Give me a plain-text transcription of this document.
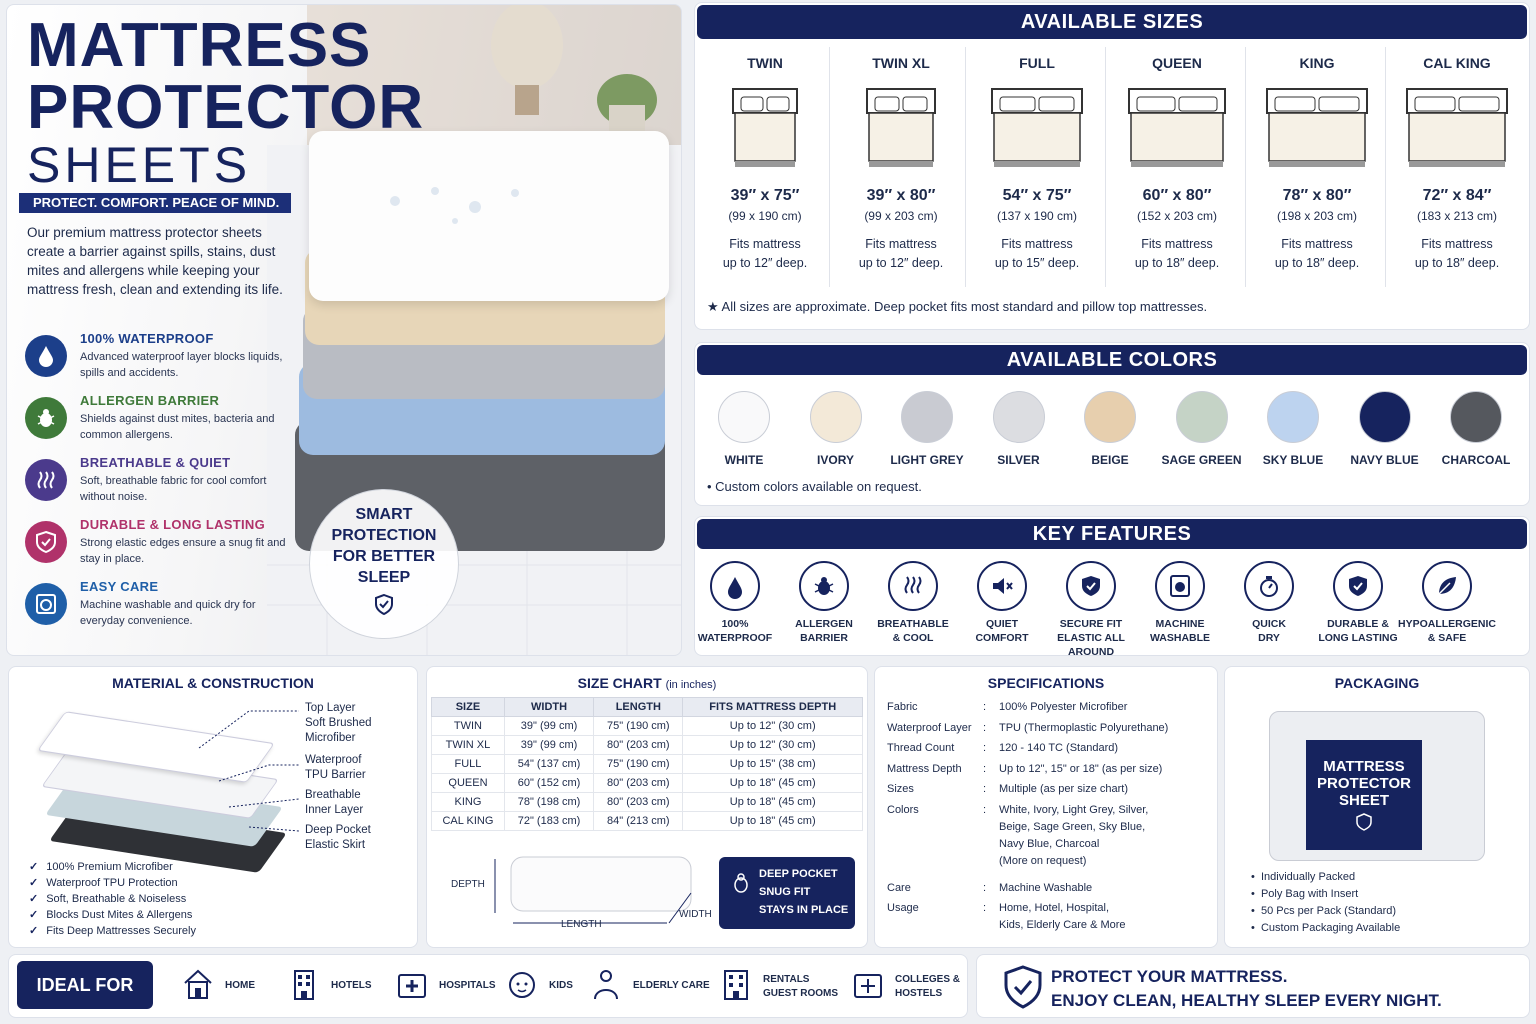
MATTRESS
PROTECTOR
SHEETS
PROTECT. COMFORT. PEACE OF MIND.
Our premium mattress protector sheets create a barrier against spills, stains, dust mites and allergens while keeping your mattress fresh, clean and extending its life.
100% WATERPROOF
Advanced waterproof layer blocks liquids, spills and accidents.
ALLERGEN BARRIER
Shields against dust mites, bacteria and common allergens.
BREATHABLE & QUIET
Soft, breathable fabric for cool comfort without noise.
DURABLE & LONG LASTING
Strong elastic edges ensure a snug fit and stay in place.
EASY CARE
Machine washable and quick dry for everyday convenience.
SMART
PROTECTION
FOR BETTER
SLEEP
AVAILABLE SIZES
TWIN
39″ x 75″
(99 x 190 cm)
Fits mattress
up to 12″ deep.
TWIN XL
39″ x 80″
(99 x 203 cm)
Fits mattress
up to 12″ deep.
FULL
54″ x 75″
(137 x 190 cm)
Fits mattress
up to 15″ deep.
QUEEN
60″ x 80″
(152 x 203 cm)
Fits mattress
up to 18″ deep.
KING
78″ x 80″
(198 x 203 cm)
Fits mattress
up to 18″ deep.
CAL KING
72″ x 84″
(183 x 213 cm)
Fits mattress
up to 18″ deep.
★ All sizes are approximate. Deep pocket fits most standard and pillow top mattresses.
AVAILABLE COLORS
WHITE	IVORY	LIGHT GREY	SILVER	BEIGE	SAGE GREEN	SKY BLUE	NAVY BLUE	CHARCOAL
• Custom colors available on request.
KEY FEATURES
100%
WATERPROOF
ALLERGEN
BARRIER
BREATHABLE
& COOL
QUIET
COMFORT
SECURE FIT
ELASTIC ALL AROUND
MACHINE
WASHABLE
QUICK
DRY
DURABLE &
LONG LASTING
HYPOALLERGENIC
& SAFE
MATERIAL & CONSTRUCTION
Top Layer
Soft Brushed
Microfiber
Waterproof
TPU Barrier
Breathable
Inner Layer
Deep Pocket
Elastic Skirt
✓ 100% Premium Microfiber
✓ Waterproof TPU Protection
✓ Soft, Breathable & Noiseless
✓ Blocks Dust Mites & Allergens
✓ Fits Deep Mattresses Securely
SIZE CHART (in inches)
SIZE	WIDTH	LENGTH	FITS MATTRESS DEPTH
TWIN	39" (99 cm)	75" (190 cm)	Up to 12" (30 cm)
TWIN XL	39" (99 cm)	80" (203 cm)	Up to 12" (30 cm)
FULL	54" (137 cm)	75" (190 cm)	Up to 15" (38 cm)
QUEEN	60" (152 cm)	80" (203 cm)	Up to 18" (45 cm)
KING	78" (198 cm)	80" (203 cm)	Up to 18" (45 cm)
CAL KING	72" (183 cm)	84" (213 cm)	Up to 18" (45 cm)
DEPTH
LENGTH
WIDTH
DEEP POCKET
SNUG FIT
STAYS IN PLACE
SPECIFICATIONS
Fabric	: 100% Polyester Microfiber
Waterproof Layer : TPU (Thermoplastic Polyurethane)
Thread Count	: 120 - 140 TC (Standard)
Mattress Depth : Up to 12", 15" or 18" (as per size)
Sizes	: Multiple (as per size chart)
Colors	: White, Ivory, Light Grey, Silver,
Beige, Sage Green, Sky Blue,
Navy Blue, Charcoal
(More on request)
Care	: Machine Washable
Usage	: Home, Hotel, Hospital,
Kids, Elderly Care & More
PACKAGING
MATTRESS
PROTECTOR
SHEET
•  Individually Packed
•  Poly Bag with Insert
•  50 Pcs per Pack (Standard)
•  Custom Packaging Available
IDEAL FOR	HOME	HOTELS	HOSPITALS	KIDS	ELDERLY CARE
RENTALS
GUEST ROOMS
COLLEGES &
HOSTELS
PROTECT YOUR MATTRESS.
ENJOY CLEAN, HEALTHY SLEEP EVERY NIGHT.
